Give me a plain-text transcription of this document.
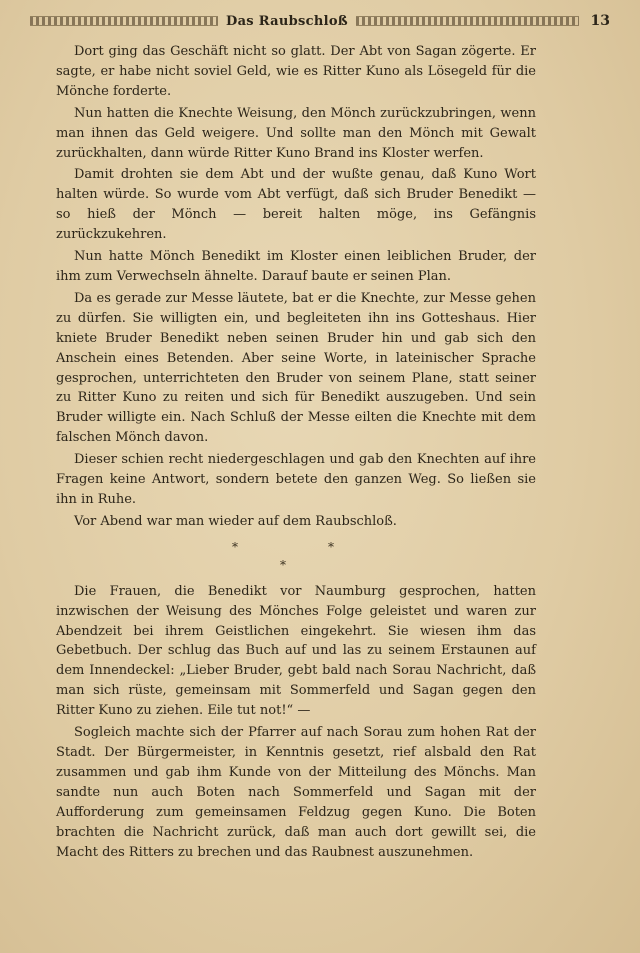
Das Raubschloß	13

Dort ging das Geschäft nicht so glatt. Der Abt von Sagan zögerte. Er sagte, er habe nicht soviel Geld, wie es Ritter Kuno als Lösegeld für die Mönche forderte.

Nun hatten die Knechte Weisung, den Mönch zurückzubringen, wenn man ihnen das Geld weigere. Und sollte man den Mönch mit Gewalt zurückhalten, dann würde Ritter Kuno Brand ins Kloster werfen.

Damit drohten sie dem Abt und der wußte genau, daß Kuno Wort halten würde. So wurde vom Abt verfügt, daß sich Bruder Benedikt — so hieß der Mönch — bereit halten möge, ins Gefängnis zurückzukehren.

Nun hatte Mönch Benedikt im Kloster einen leiblichen Bruder, der ihm zum Verwechseln ähnelte. Darauf baute er seinen Plan.

Da es gerade zur Messe läutete, bat er die Knechte, zur Messe gehen zu dürfen. Sie willigten ein, und begleiteten ihn ins Gotteshaus. Hier kniete Bruder Benedikt neben seinen Bruder hin und gab sich den Anschein eines Betenden. Aber seine Worte, in lateinischer Sprache gesprochen, unterrichteten den Bruder von seinem Plane, statt seiner zu Ritter Kuno zu reiten und sich für Benedikt auszugeben. Und sein Bruder willigte ein. Nach Schluß der Messe eilten die Knechte mit dem falschen Mönch davon.

Dieser schien recht niedergeschlagen und gab den Knechten auf ihre Fragen keine Antwort, sondern betete den ganzen Weg. So ließen sie ihn in Ruhe.

Vor Abend war man wieder auf dem Raubschloß.

*	*
*

Die Frauen, die Benedikt vor Naumburg gesprochen, hatten inzwischen der Weisung des Mönches Folge geleistet und waren zur Abendzeit bei ihrem Geistlichen eingekehrt. Sie wiesen ihm das Gebetbuch. Der schlug das Buch auf und las zu seinem Erstaunen auf dem Innendeckel: „Lieber Bruder, gebt bald nach Sorau Nachricht, daß man sich rüste, gemeinsam mit Sommerfeld und Sagan gegen den Ritter Kuno zu ziehen. Eile tut not!“ —

Sogleich machte sich der Pfarrer auf nach Sorau zum hohen Rat der Stadt. Der Bürgermeister, in Kenntnis gesetzt, rief alsbald den Rat zusammen und gab ihm Kunde von der Mitteilung des Mönchs. Man sandte nun auch Boten nach Sommerfeld und Sagan mit der Aufforderung zum gemeinsamen Feldzug gegen Kuno. Die Boten brachten die Nachricht zurück, daß man auch dort gewillt sei, die Macht des Ritters zu brechen und das Raubnest auszunehmen.
